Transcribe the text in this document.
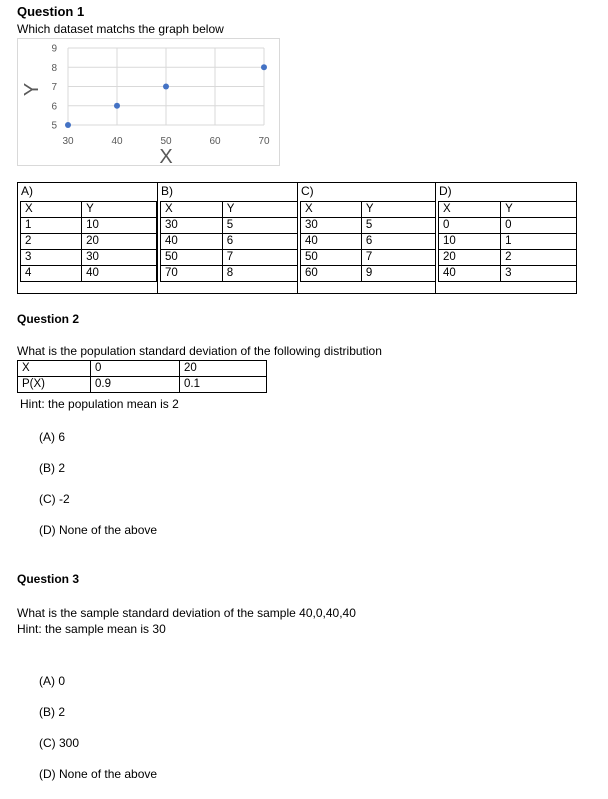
Question 1
Which dataset matchs the graph below
9
8
7
6
5
30	40	50	60	70
X
Y
A)
X	Y
1	10
2	20
3	30
4	40
B)
X	Y
30	5
40	6
50	7
70	8
C)
X	Y
30	5
40	6
50	7
60	9
D)
X	Y
0	0
10	1
20	2
40	3
Question 2
What is the population standard deviation of the following distribution
X	0	20
P(X)	0.9	0.1
Hint: the population mean is 2
(A) 6
(B) 2
(C) -2
(D) None of the above
Question 3
What is the sample standard deviation of the sample 40,0,40,40
Hint: the sample mean is 30
(A) 0
(B) 2
(C) 300
(D) None of the above
